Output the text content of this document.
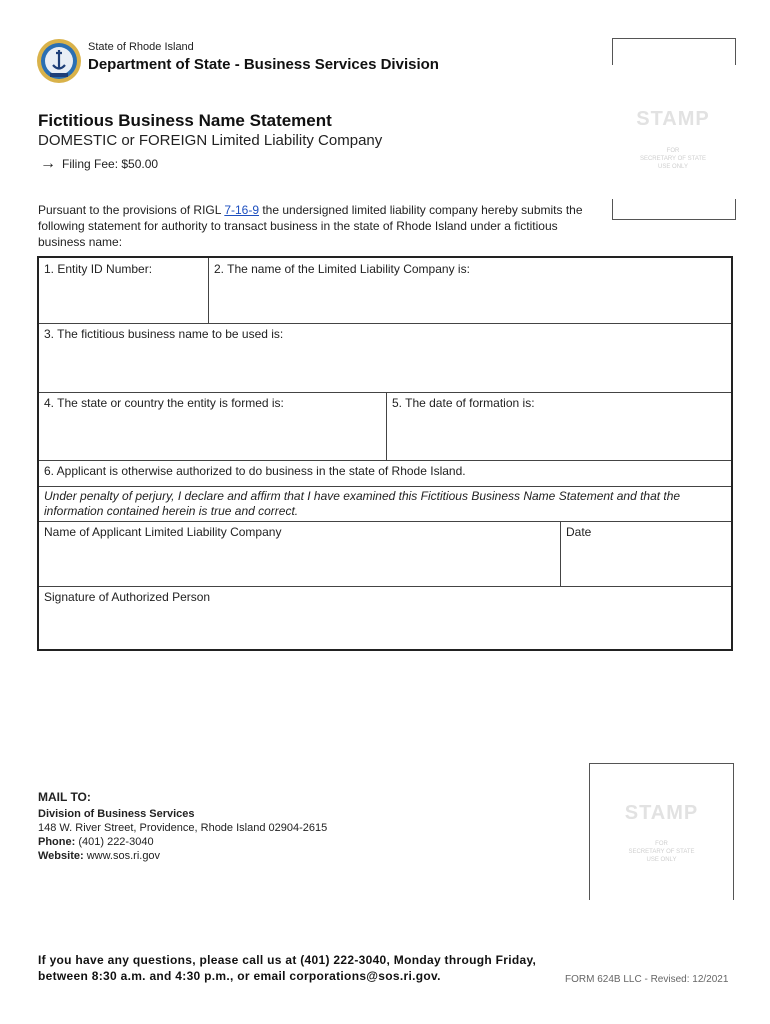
State of Rhode Island
Department of State - Business Services Division
Fictitious Business Name Statement
DOMESTIC or FOREIGN Limited Liability Company
→ Filing Fee: $50.00
STAMP
FOR
SECRETARY OF STATE
USE ONLY
Pursuant to the provisions of RIGL 7-16-9 the undersigned limited liability company hereby submits the following statement for authority to transact business in the state of Rhode Island under a fictitious business name:
1. Entity ID Number:	2. The name of the Limited Liability Company is:
3. The fictitious business name to be used is:
4. The state or country the entity is formed is:	5. The date of formation is:
6. Applicant is otherwise authorized to do business in the state of Rhode Island.
Under penalty of perjury, I declare and affirm that I have examined this Fictitious Business Name Statement and that the information contained herein is true and correct.
Name of Applicant Limited Liability Company	Date
Signature of Authorized Person
MAIL TO:
Division of Business Services
148 W. River Street, Providence, Rhode Island 02904-2615
Phone: (401) 222-3040
Website: www.sos.ri.gov
STAMP
FOR
SECRETARY OF STATE
USE ONLY
If you have any questions, please call us at (401) 222-3040, Monday through Friday,
between 8:30 a.m. and 4:30 p.m., or email corporations@sos.ri.gov.	FORM 624B LLC - Revised: 12/2021
